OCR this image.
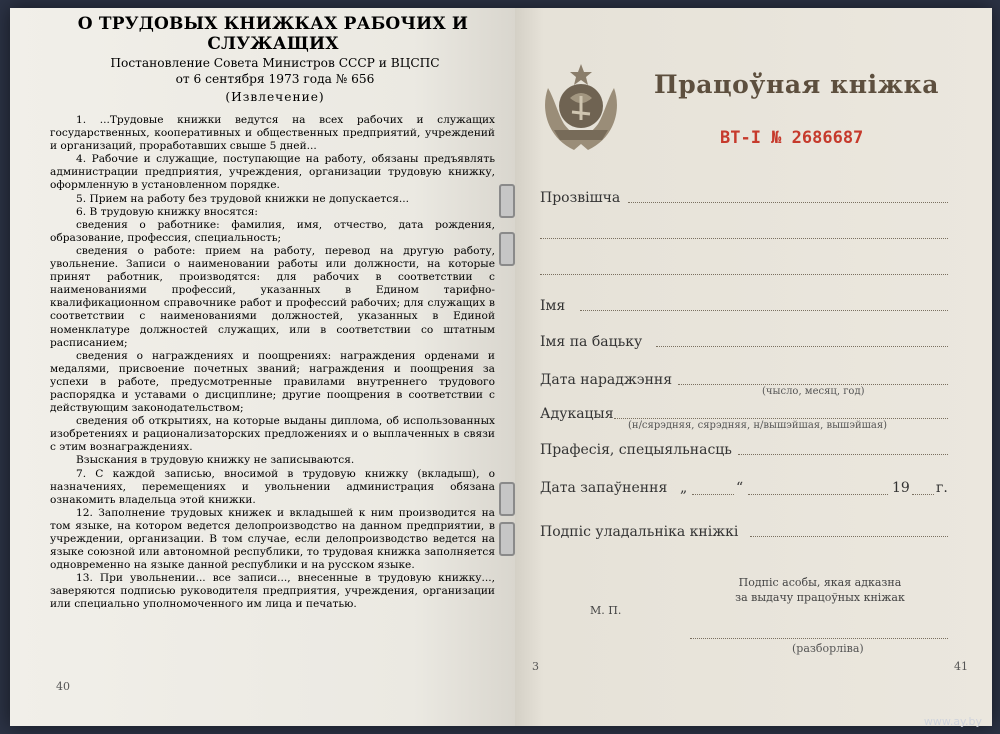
О ТРУДОВЫХ КНИЖКАХ РАБОЧИХ И СЛУЖАЩИХ
Постановление Совета Министров СССР и ВЦСПС
от 6 сентября 1973 года № 656
(Извлечение)

1. ...Трудовые книжки ведутся на всех рабочих и служащих государственных, кооперативных и общественных предприятий, учреждений и организаций, проработавших свыше 5 дней...

4. Рабочие и служащие, поступающие на работу, обязаны предъявлять администрации предприятия, учреждения, организации трудовую книжку, оформленную в установленном порядке.

5. Прием на работу без трудовой книжки не допускается...

6. В трудовую книжку вносятся:

сведения о работнике: фамилия, имя, отчество, дата рождения, образование, профессия, специальность;

сведения о работе: прием на работу, перевод на другую работу, увольнение. Записи о наименовании работы или должности, на которые принят работник, производятся: для рабочих в соответствии с наименованиями профессий, указанных в Едином тарифно-квалификационном справочнике работ и профессий рабочих; для служащих в соответствии с наименованиями должностей, указанных в Единой номенклатуре должностей служащих, или в соответствии со штатным расписанием;

сведения о награждениях и поощрениях: награждения орденами и медалями, присвоение почетных званий; награждения и поощрения за успехи в работе, предусмотренные правилами внутреннего трудового распорядка и уставами о дисциплине; другие поощрения в соответствии с действующим законодательством;

сведения об открытиях, на которые выданы диплома, об использованных изобретениях и рационализаторских предложениях и о выплаченных в связи с этим вознаграждениях.

Взыскания в трудовую книжку не записываются.

7. С каждой записью, вносимой в трудовую книжку (вкладыш), о назначениях, перемещениях и увольнении администрация обязана ознакомить владельца этой книжки.

12. Заполнение трудовых книжек и вкладышей к ним производится на том языке, на котором ведется делопроизводство на данном предприятии, в учреждении, организации. В том случае, если делопроизводство ведется на языке союзной или автономной республики, то трудовая книжка заполняется одновременно на языке данной республики и на русском языке.

13. При увольнении... все записи..., внесенные в трудовую книжку..., заверяются подписью руководителя предприятия, учреждения, организации или специально уполномоченного им лица и печатью.

40
Працоўная кніжка
ВТ-І № 2686687
Прозвішча
Імя
Імя па бацьку
Дата нараджэння
(чысло, месяц, год)
Адукацыя
(н/сярэдняя, сярэдняя, н/вышэйшая, вышэйшая)
Прафесія, спецыяльнасць
Дата запаўнення „	“	19 г.
Подпіс уладальніка кніжкі
Подпіс асобы, якая адказна
за выдачу працоўных кніжак
М. П.
(разборліва)
3	41
www.ay.by
